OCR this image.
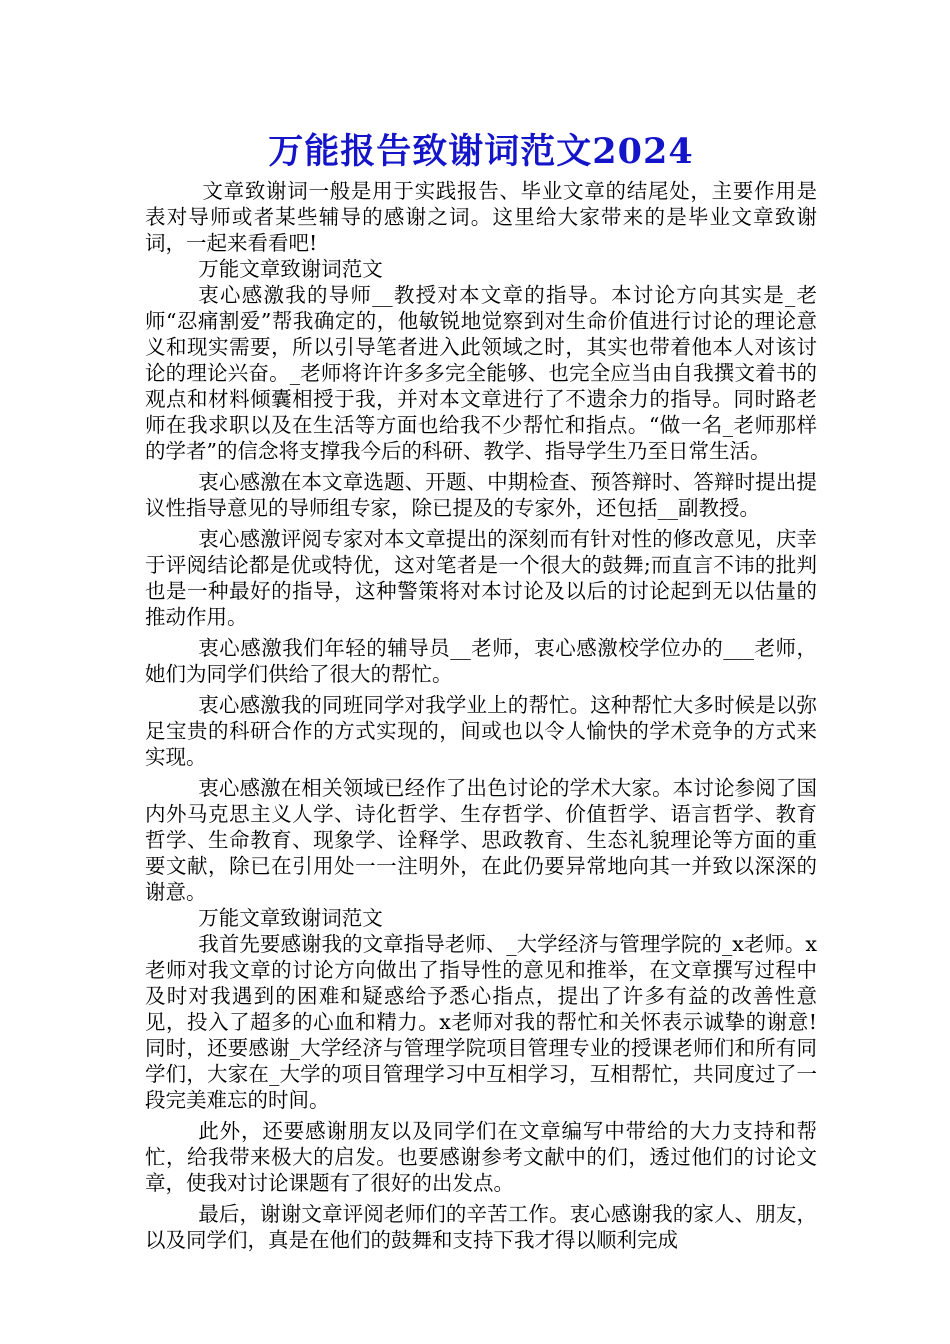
万能报告致谢词范文2024

文章致谢词一般是用于实践报告、毕业文章的结尾处，主要作用是表对导师或者某些辅导的感谢之词。这里给大家带来的是毕业文章致谢词，一起来看看吧!

万能文章致谢词范文

衷心感激我的导师__教授对本文章的指导。本讨论方向其实是_老师“忍痛割爱”帮我确定的，他敏锐地觉察到对生命价值进行讨论的理论意义和现实需要，所以引导笔者进入此领域之时，其实也带着他本人对该讨论的理论兴奋。_老师将许许多多完全能够、也完全应当由自我撰文着书的观点和材料倾囊相授于我，并对本文章进行了不遗余力的指导。同时路老师在我求职以及在生活等方面也给我不少帮忙和指点。“做一名_老师那样的学者”的信念将支撑我今后的科研、教学、指导学生乃至日常生活。

衷心感激在本文章选题、开题、中期检查、预答辩时、答辩时提出提议性指导意见的导师组专家，除已提及的专家外，还包括__副教授。

衷心感激评阅专家对本文章提出的深刻而有针对性的修改意见，庆幸于评阅结论都是优或特优，这对笔者是一个很大的鼓舞;而直言不讳的批判也是一种最好的指导，这种警策将对本讨论及以后的讨论起到无以估量的推动作用。

衷心感激我们年轻的辅导员__老师，衷心感激校学位办的___老师，她们为同学们供给了很大的帮忙。

衷心感激我的同班同学对我学业上的帮忙。这种帮忙大多时候是以弥足宝贵的科研合作的方式实现的，间或也以令人愉快的学术竞争的方式来实现。

衷心感激在相关领域已经作了出色讨论的学术大家。本讨论参阅了国内外马克思主义人学、诗化哲学、生存哲学、价值哲学、语言哲学、教育哲学、生命教育、现象学、诠释学、思政教育、生态礼貌理论等方面的重要文献，除已在引用处一一注明外，在此仍要异常地向其一并致以深深的谢意。

万能文章致谢词范文

我首先要感谢我的文章指导老师、_大学经济与管理学院的_x老师。x老师对我文章的讨论方向做出了指导性的意见和推举，在文章撰写过程中及时对我遇到的困难和疑惑给予悉心指点，提出了许多有益的改善性意见，投入了超多的心血和精力。x老师对我的帮忙和关怀表示诚挚的谢意!同时，还要感谢_大学经济与管理学院项目管理专业的授课老师们和所有同学们，大家在_大学的项目管理学习中互相学习，互相帮忙，共同度过了一段完美难忘的时间。

此外，还要感谢朋友以及同学们在文章编写中带给的大力支持和帮忙，给我带来极大的启发。也要感谢参考文献中的们，透过他们的讨论文章，使我对讨论课题有了很好的出发点。

最后，谢谢文章评阅老师们的辛苦工作。衷心感谢我的家人、朋友，以及同学们，真是在他们的鼓舞和支持下我才得以顺利完成
